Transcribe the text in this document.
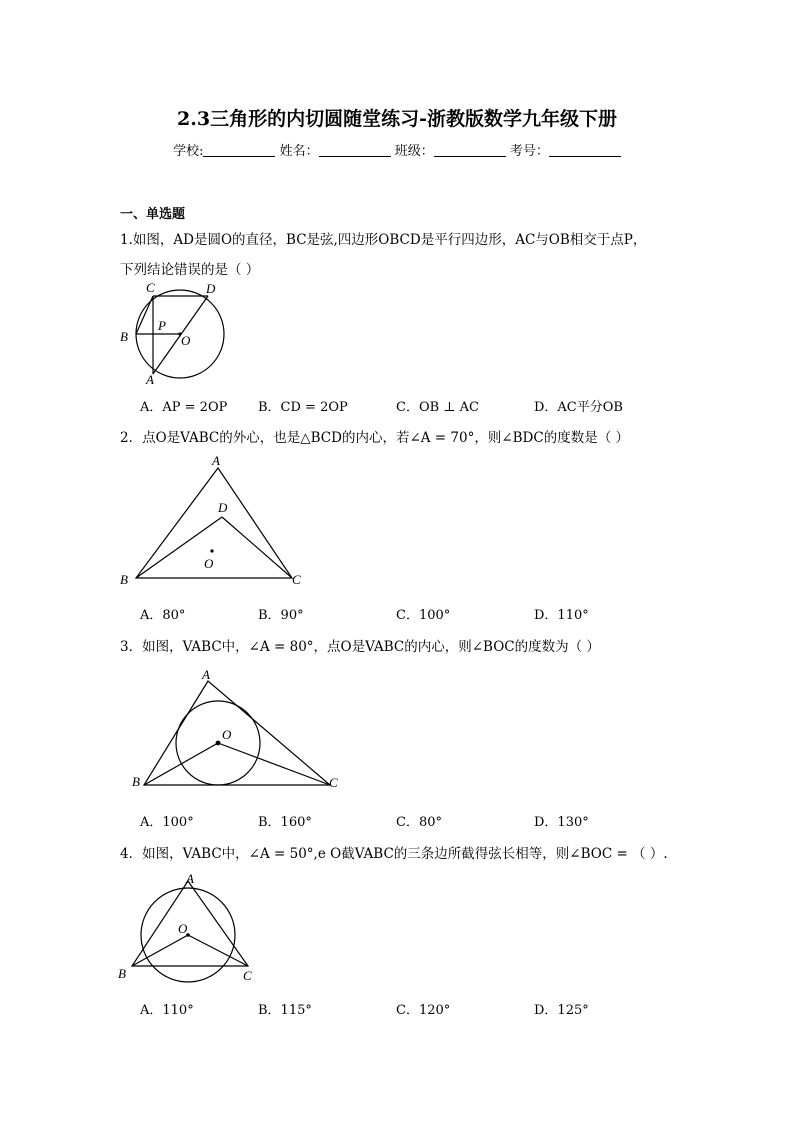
2.3三角形的内切圆随堂练习-浙教版数学九年级下册
学校:	姓名：	班级：	考号：
一、单选题
1.如图，AD是圆O的直径，BC是弦,四边形OBCD是平行四边形，AC与OB相交于点P，
下列结论错误的是（ ）
C	D
B
P
O
A
A．AP = 2OP B．CD = 2OP	C．OB ⊥ AC	D．AC平分OB
2．点O是VABC的外心，也是△BCD的内心，若∠A = 70°，则∠BDC的度数是（ ）
A
D
O
B	C
A．80°	B．90°	C．100°	D．110°
3．如图，VABC中，∠A = 80°，点O是VABC的内心，则∠BOC的度数为（ ）
A
O
B	C
A．100°	B．160°	C．80°	D．130°
4．如图，VABC中，∠A = 50°,e O截VABC的三条边所截得弦长相等，则∠BOC = （ ）.
A
O
B	C
A．110°	B．115°	C．120°	D．125°
